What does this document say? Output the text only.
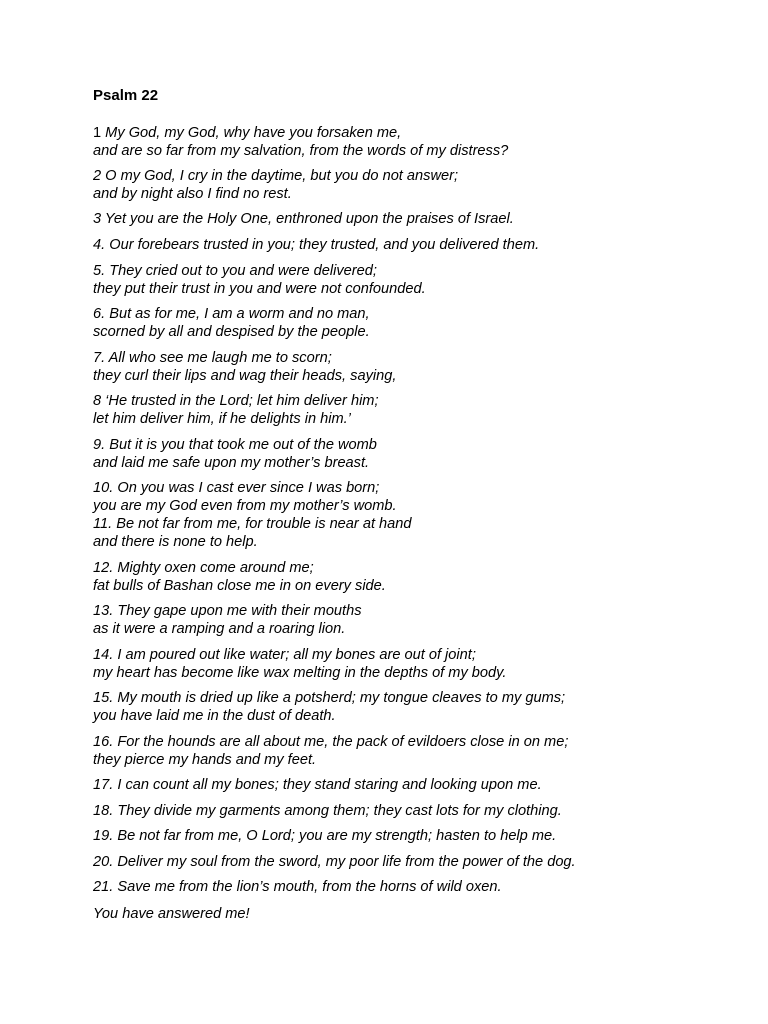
Psalm 22
1 My God, my God, why have you forsaken me,
and are so far from my salvation, from the words of my distress?
2 O my God, I cry in the daytime, but you do not answer;
and by night also I find no rest.
3 Yet you are the Holy One, enthroned upon the praises of Israel.
4. Our forebears trusted in you; they trusted, and you delivered them.
5. They cried out to you and were delivered;
they put their trust in you and were not confounded.
6. But as for me, I am a worm and no man,
scorned by all and despised by the people.
7. All who see me laugh me to scorn;
they curl their lips and wag their heads, saying,
8 ‘He trusted in the Lord; let him deliver him;
let him deliver him, if he delights in him.’
9. But it is you that took me out of the womb
and laid me safe upon my mother’s breast.
10. On you was I cast ever since I was born;
you are my God even from my mother’s womb.
11. Be not far from me, for trouble is near at hand
and there is none to help.
12. Mighty oxen come around me;
fat bulls of Bashan close me in on every side.
13. They gape upon me with their mouths
as it were a ramping and a roaring lion.
14. I am poured out like water; all my bones are out of joint;
my heart has become like wax melting in the depths of my body.
15. My mouth is dried up like a potsherd; my tongue cleaves to my gums;
you have laid me in the dust of death.
16. For the hounds are all about me, the pack of evildoers close in on me;
they pierce my hands and my feet.
17. I can count all my bones; they stand staring and looking upon me.
18. They divide my garments among them; they cast lots for my clothing.
19. Be not far from me, O Lord; you are my strength; hasten to help me.
20. Deliver my soul from the sword, my poor life from the power of the dog.
21. Save me from the lion’s mouth, from the horns of wild oxen.
You have answered me!
